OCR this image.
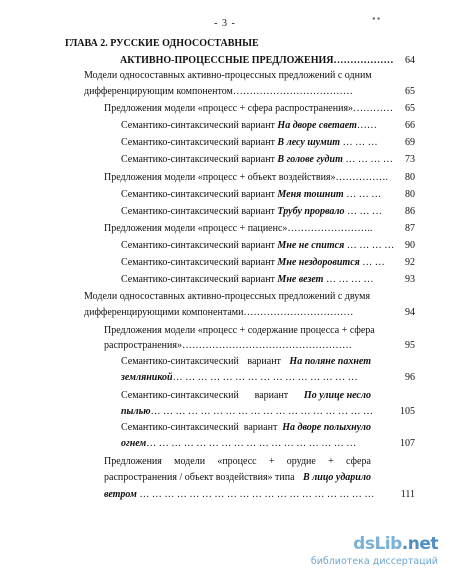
- 3 -	▪ ▪
ГЛАВА 2. РУССКИЕ ОДНОСОСТАВНЫЕ
АКТИВНО-ПРОЦЕССНЫЕ ПРЕДЛОЖЕНИЯ………………	64
Модели односоставных активно-процессных предложений с одним
дифференцирующим компонентом………………………………	65
Предложения модели «процесс + сфера распространения»…………	65
Семантико-синтаксический вариант На дворе светает……	66
Семантико-синтаксический вариант В лесу шумит … … …	69
Семантико-синтаксический вариант В голове гудит … … … …	73
Предложения модели «процесс + объект воздействия»…………….	80
Семантико-синтаксический вариант Меня тошнит … … …	80
Семантико-синтаксический вариант Трубу прорвало … … …	86
Предложения модели «процесс + пациенс»……………………..	87
Семантико-синтаксический вариант Мне не спится … … … …	90
Семантико-синтаксический вариант Мне нездоровится … …	92
Семантико-синтаксический вариант Мне везет … … … …	93
Модели односоставных активно-процессных предложений с двумя
дифференцирующими компонентами……………………………	94
Предложения модели «процесс + содержание процесса + сфера
распространения»……………………………………………	95
Семантико-синтаксический вариант На поляне пахнет
земляникой… … … … … … … … … … … … … … …	96
Семантико-синтаксический вариант По улице несло
пылью… … … … … … … … … … … … … … … … … …	105
Семантико-синтаксический вариант На дворе полыхнуло
огнем… … … … … … … … … … … … … … … … …	107
Предложения модели «процесс + орудие + сфера
распространения / объект воздействия» типа В лицо ударило
ветром … … … … … … … … … … … … … … … … … … …	111
dsLib.net
библиотека диссертаций
